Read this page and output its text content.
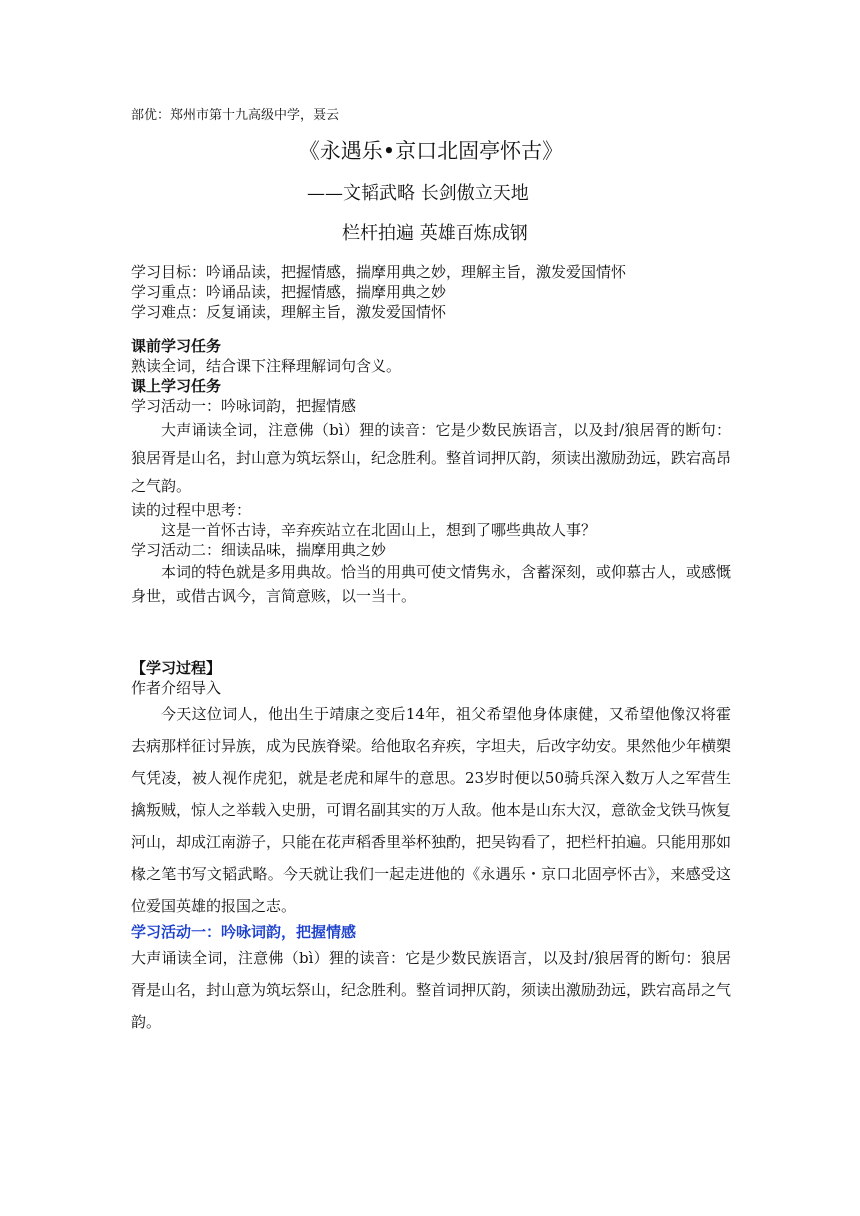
部优：郑州市第十九高级中学，聂云

《永遇乐•京口北固亭怀古》

——文韬武略 长剑傲立天地

栏杆拍遍 英雄百炼成钢

学习目标：吟诵品读，把握情感，揣摩用典之妙，理解主旨，激发爱国情怀

学习重点：吟诵品读，把握情感，揣摩用典之妙

学习难点：反复诵读，理解主旨，激发爱国情怀

课前学习任务

熟读全词，结合课下注释理解词句含义。

课上学习任务

学习活动一：吟咏词韵，把握情感

大声诵读全词，注意佛（bì）狸的读音：它是少数民族语言，以及封/狼居胥的断句：狼居胥是山名，封山意为筑坛祭山，纪念胜利。整首词押仄韵，须读出激励劲远，跌宕高昂之气韵。

读的过程中思考：

这是一首怀古诗，辛弃疾站立在北固山上，想到了哪些典故人事？

学习活动二：细读品味，揣摩用典之妙

本词的特色就是多用典故。恰当的用典可使文情隽永，含蓄深刻，或仰慕古人，或感慨身世，或借古讽今，言简意赅，以一当十。

【学习过程】

作者介绍导入

今天这位词人，他出生于靖康之变后14年，祖父希望他身体康健，又希望他像汉将霍去病那样征讨异族，成为民族脊梁。给他取名弃疾，字坦夫，后改字幼安。果然他少年横槊气凭凌，被人视作虎犯，就是老虎和犀牛的意思。23岁时便以50骑兵深入数万人之军营生擒叛贼，惊人之举载入史册，可谓名副其实的万人敌。他本是山东大汉，意欲金戈铁马恢复河山，却成江南游子，只能在花声稻香里举杯独酌，把吴钩看了，把栏杆拍遍。只能用那如椽之笔书写文韬武略。今天就让我们一起走进他的《永遇乐・京口北固亭怀古》，来感受这位爱国英雄的报国之志。

学习活动一：吟咏词韵，把握情感

大声诵读全词，注意佛（bì）狸的读音：它是少数民族语言，以及封/狼居胥的断句：狼居胥是山名，封山意为筑坛祭山，纪念胜利。整首词押仄韵，须读出激励劲远，跌宕高昂之气韵。
